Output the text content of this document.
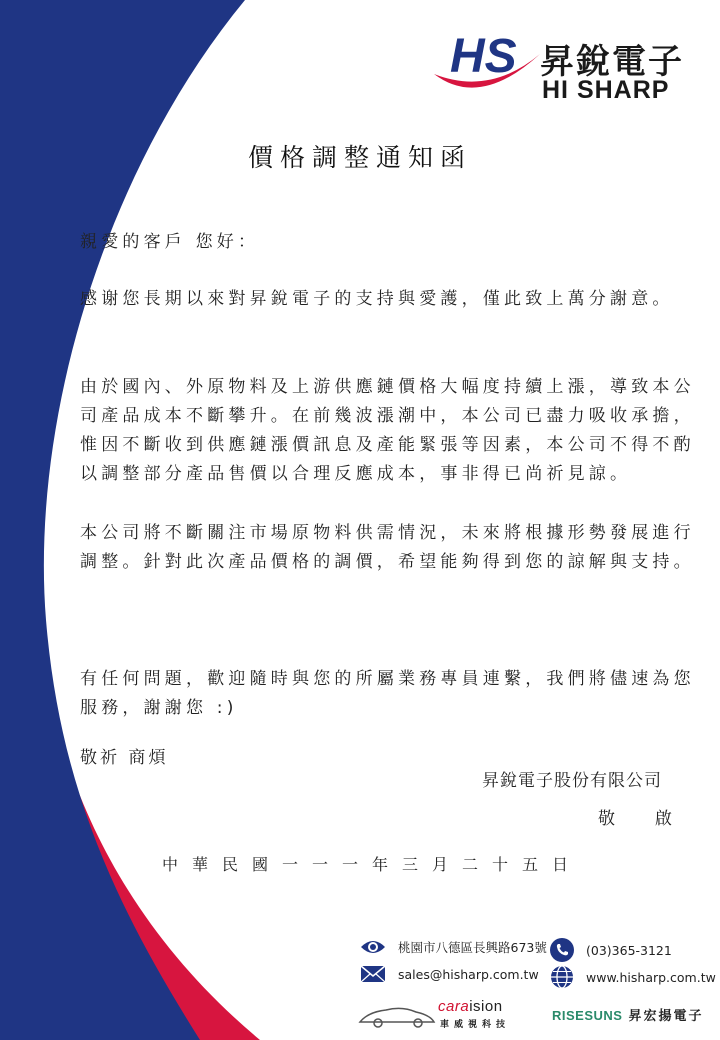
HS 昇銳電子
HI SHARP
價格調整通知函
親愛的客戶 您好：
感谢您長期以來對昇銳電子的支持與愛護，僅此致上萬分謝意。
由於國內、外原物料及上游供應鏈價格大幅度持續上漲，導致本公司產品成本不斷攀升。在前幾波漲潮中，本公司已盡力吸收承擔，惟因不斷收到供應鏈漲價訊息及產能緊張等因素，本公司不得不酌以調整部分產品售價以合理反應成本，事非得已尚祈見諒。
本公司將不斷關注市場原物料供需情況，未來將根據形勢發展進行調整。針對此次產品價格的調價，希望能夠得到您的諒解與支持。
有任何問題，歡迎隨時與您的所屬業務專員連繫，我們將儘速為您服務，謝謝您 :)
敬祈 商煩
昇銳電子股份有限公司
敬 啟
中華民國一一一年三月二十五日
桃園市八德區長興路673號	(03)365-3121
sales@hisharp.com.tw	www.hisharp.com.tw
caraision
車威視科技
RISESUNS 昇宏揚電子
